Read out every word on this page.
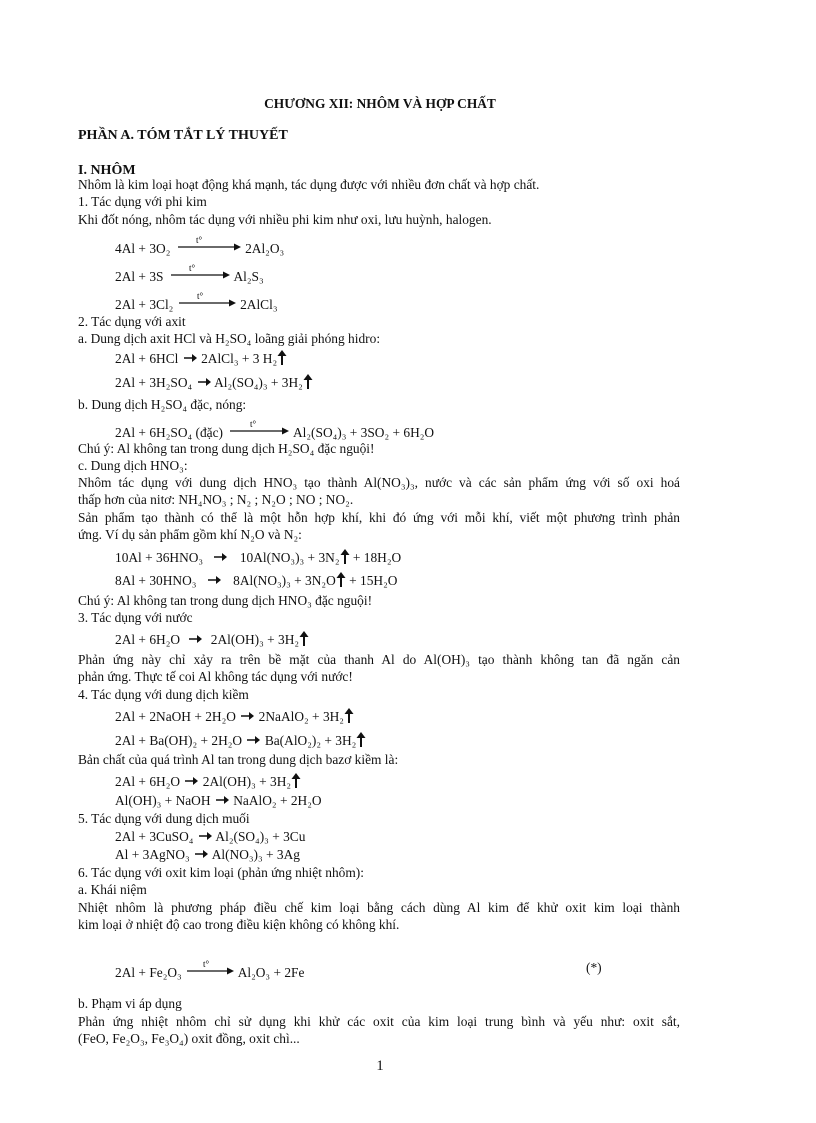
CHƯƠNG XII: NHÔM VÀ HỢP CHẤT
PHẦN A. TÓM TẮT LÝ THUYẾT
I. NHÔM
Nhôm là kim loại hoạt động khá mạnh, tác dụng được với nhiều đơn chất và hợp chất.
1. Tác dụng với phi kim
Khi đốt nóng, nhôm tác dụng với nhiều phi kim như oxi, lưu huỳnh, halogen.
4Al + 3O₂
t°
2Al₂O₃
2Al + 3S
t°
Al₂S₃
2Al + 3Cl₂
t°
2AlCl₃
2. Tác dụng với axit
a. Dung dịch axit HCl và H₂SO₄ loãng giải phóng hidro:
2Al + 6HCl 2AlCl₃ + 3 H₂
2Al + 3H₂SO₄ Al₂(SO₄)₃ + 3H₂
b. Dung dịch H₂SO₄ đặc, nóng:
2Al + 6H₂SO₄ (đặc)
t°
Al₂(SO₄)₃ + 3SO₂ + 6H₂O
Chú ý: Al không tan trong dung dịch H₂SO₄ đặc nguội!
c. Dung dịch HNO₃:
Nhôm tác dụng với dung dịch HNO₃ tạo thành Al(NO₃)₃, nước và các sản phẩm ứng với số oxi hoá
thấp hơn của nitơ: NH₄NO₃ ; N₂ ; N₂O ; NO ; NO₂.
Sản phẩm tạo thành có thể là một hỗn hợp khí, khi đó ứng với mỗi khí, viết một phương trình phản
ứng. Ví dụ sản phẩm gồm khí N₂O và N₂:
10Al + 36HNO₃	10Al(NO₃)₃ + 3N₂ + 18H₂O
8Al + 30HNO₃	8Al(NO₃)₃ + 3N₂O + 15H₂O
Chú ý: Al không tan trong dung dịch HNO₃ đặc nguội!
3. Tác dụng với nước
2Al + 6H₂O 2Al(OH)₃ + 3H₂
Phản ứng này chỉ xảy ra trên bề mặt của thanh Al do Al(OH)₃ tạo thành không tan đã ngăn cản
phản ứng. Thực tế coi Al không tác dụng với nước!
4. Tác dụng với dung dịch kiềm
2Al + 2NaOH + 2H₂O 2NaAlO₂ + 3H₂
2Al + Ba(OH)₂ + 2H₂O Ba(AlO₂)₂ + 3H₂
Bản chất của quá trình Al tan trong dung dịch bazơ kiềm là:
2Al + 6H₂O 2Al(OH)₃ + 3H₂
Al(OH)₃ + NaOH NaAlO₂ + 2H₂O
5. Tác dụng với dung dịch muối
2Al + 3CuSO₄ Al₂(SO₄)₃ + 3Cu
Al + 3AgNO₃ Al(NO₃)₃ + 3Ag
6. Tác dụng với oxit kim loại (phản ứng nhiệt nhôm):
a. Khái niệm
Nhiệt nhôm là phương pháp điều chế kim loại bằng cách dùng Al kim để khử oxit kim loại thành
kim loại ở nhiệt độ cao trong điều kiện không có không khí.
2Al + Fe₂O₃
t°
Al₂O₃ + 2Fe	(*)
b. Phạm vi áp dụng
Phản ứng nhiệt nhôm chỉ sử dụng khi khử các oxit của kim loại trung bình và yếu như: oxit sắt,
(FeO, Fe₂O₃, Fe₃O₄) oxit đồng, oxit chì...
1
